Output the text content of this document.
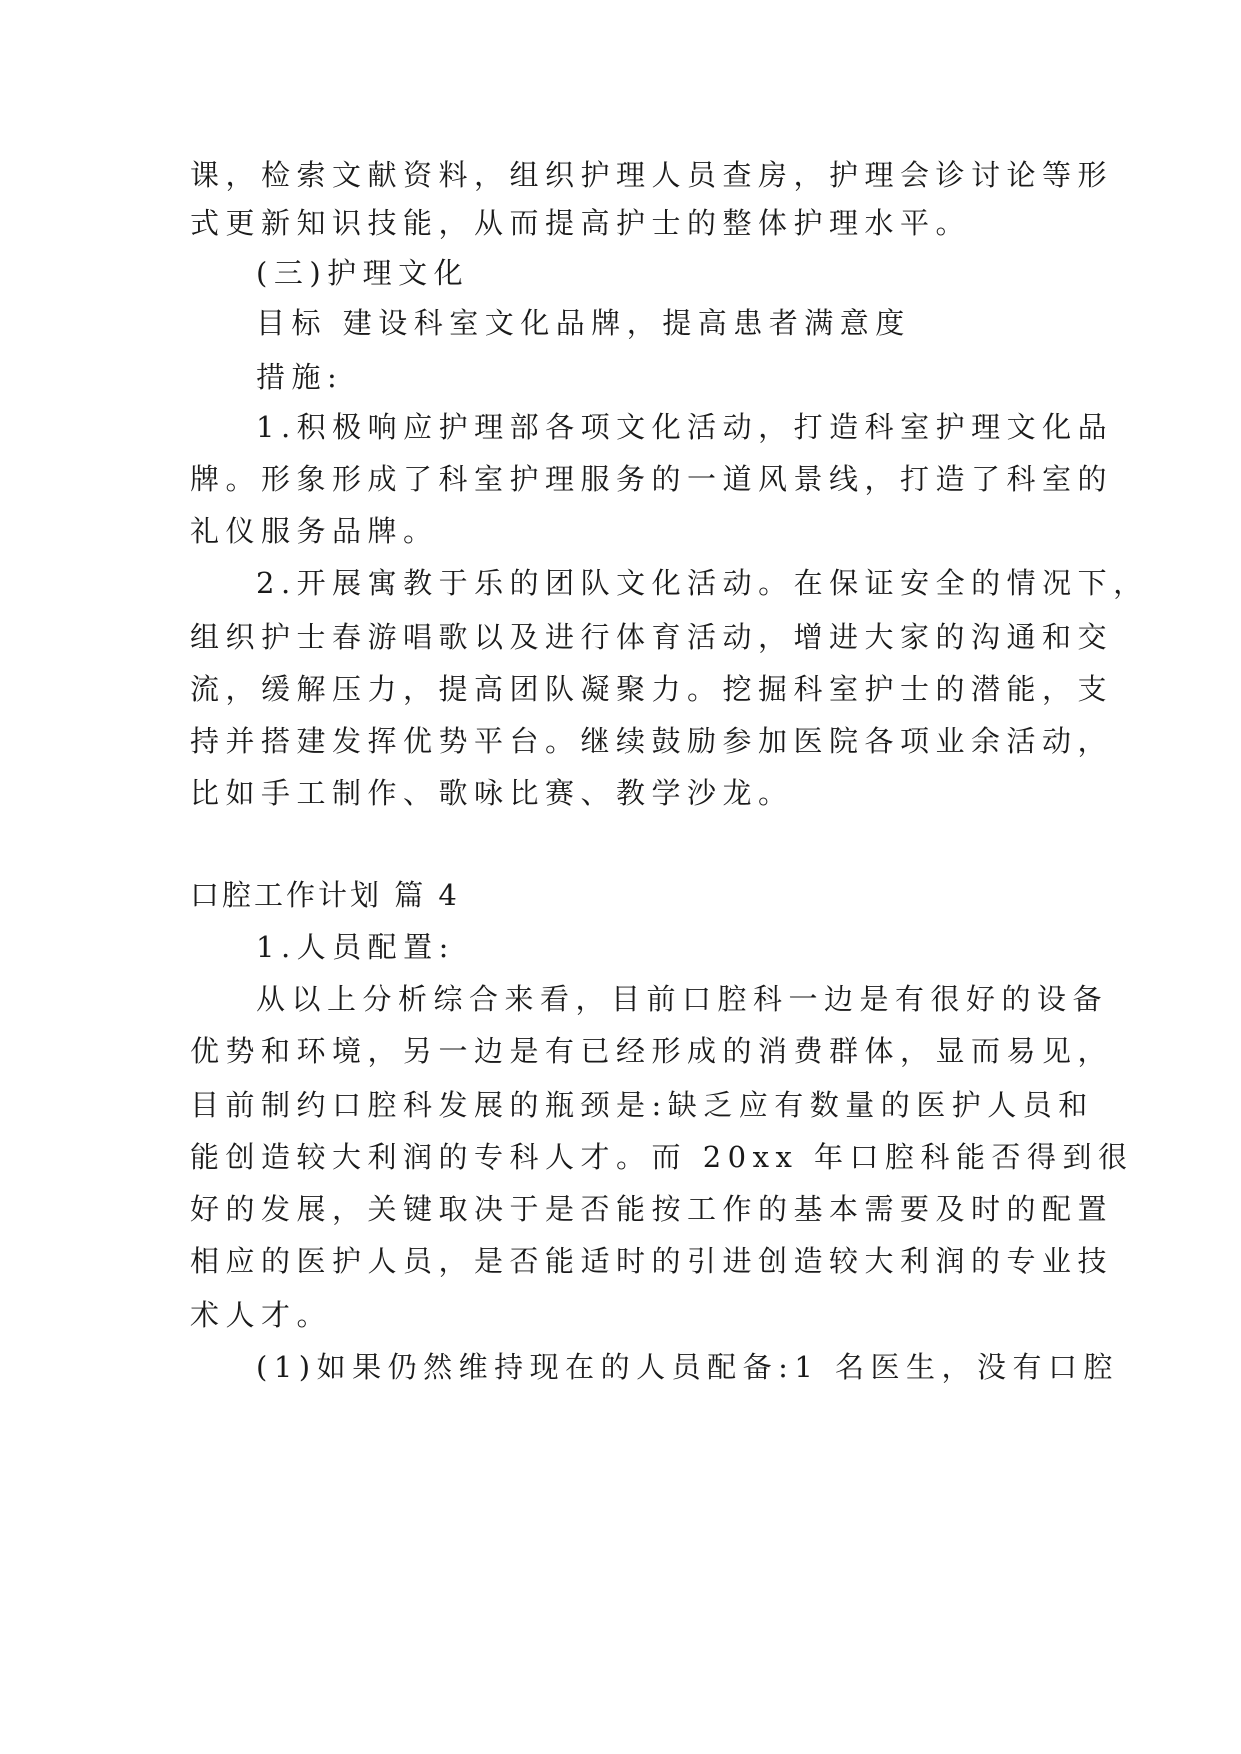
课，检索文献资料，组织护理人员查房，护理会诊讨论等形
式更新知识技能，从而提高护士的整体护理水平。
(三)护理文化
目标 建设科室文化品牌，提高患者满意度
措施:
1.积极响应护理部各项文化活动，打造科室护理文化品
牌。形象形成了科室护理服务的一道风景线，打造了科室的
礼仪服务品牌。
2.开展寓教于乐的团队文化活动。在保证安全的情况下，
组织护士春游唱歌以及进行体育活动，增进大家的沟通和交
流，缓解压力，提高团队凝聚力。挖掘科室护士的潜能，支
持并搭建发挥优势平台。继续鼓励参加医院各项业余活动，
比如手工制作、歌咏比赛、教学沙龙。
口腔工作计划 篇 4
1.人员配置:
从以上分析综合来看，目前口腔科一边是有很好的设备
优势和环境，另一边是有已经形成的消费群体，显而易见，
目前制约口腔科发展的瓶颈是:缺乏应有数量的医护人员和
能创造较大利润的专科人才。而 20xx 年口腔科能否得到很
好的发展，关键取决于是否能按工作的基本需要及时的配置
相应的医护人员，是否能适时的引进创造较大利润的专业技
术人才。
(1)如果仍然维持现在的人员配备:1 名医生，没有口腔
